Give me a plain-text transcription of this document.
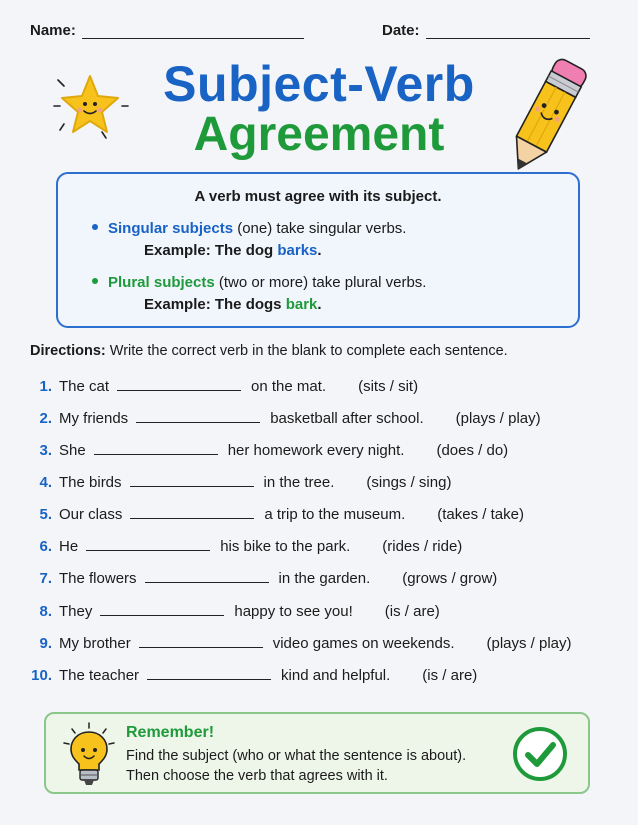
Name:	Date:
Subject-Verb
Agreement
A verb must agree with its subject.
Singular subjects (one) take singular verbs.
Example: The dog barks.
Plural subjects (two or more) take plural verbs.
Example: The dogs bark.
Directions: Write the correct verb in the blank to complete each sentence.
1. The cat	on the mat. (sits / sit)
2. My friends	basketball after school. (plays / play)
3. She	her homework every night. (does / do)
4. The birds	in the tree. (sings / sing)
5. Our class	a trip to the museum. (takes / take)
6. He	his bike to the park. (rides / ride)
7. The flowers	in the garden. (grows / grow)
8. They	happy to see you! (is / are)
9. My brother	video games on weekends. (plays / play)
10. The teacher	kind and helpful. (is / are)
Remember!
Find the subject (who or what the sentence is about).
Then choose the verb that agrees with it.
